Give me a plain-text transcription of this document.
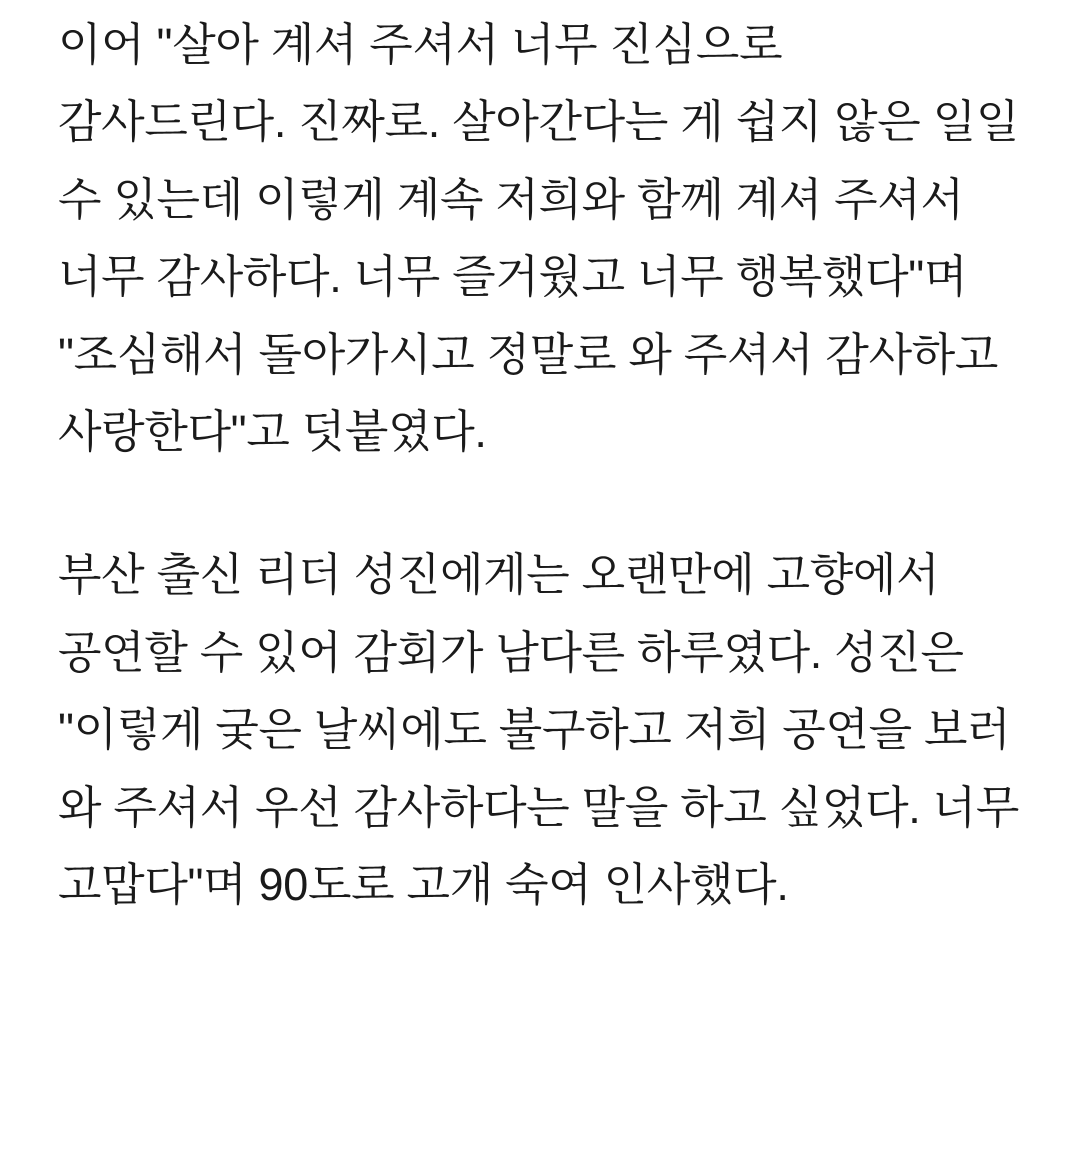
이어 "살아 계셔 주셔서 너무 진심으로 감사드린다. 진짜로. 살아간다는 게 쉽지 않은 일일 수 있는데 이렇게 계속 저희와 함께 계셔 주셔서 너무 감사하다. 너무 즐거웠고 너무 행복했다"며 "조심해서 돌아가시고 정말로 와 주셔서 감사하고 사랑한다"고 덧붙였다.

부산 출신 리더 성진에게는 오랜만에 고향에서 공연할 수 있어 감회가 남다른 하루였다. 성진은 "이렇게 궂은 날씨에도 불구하고 저희 공연을 보러 와 주셔서 우선 감사하다는 말을 하고 싶었다. 너무 고맙다"며 90도로 고개 숙여 인사했다.
